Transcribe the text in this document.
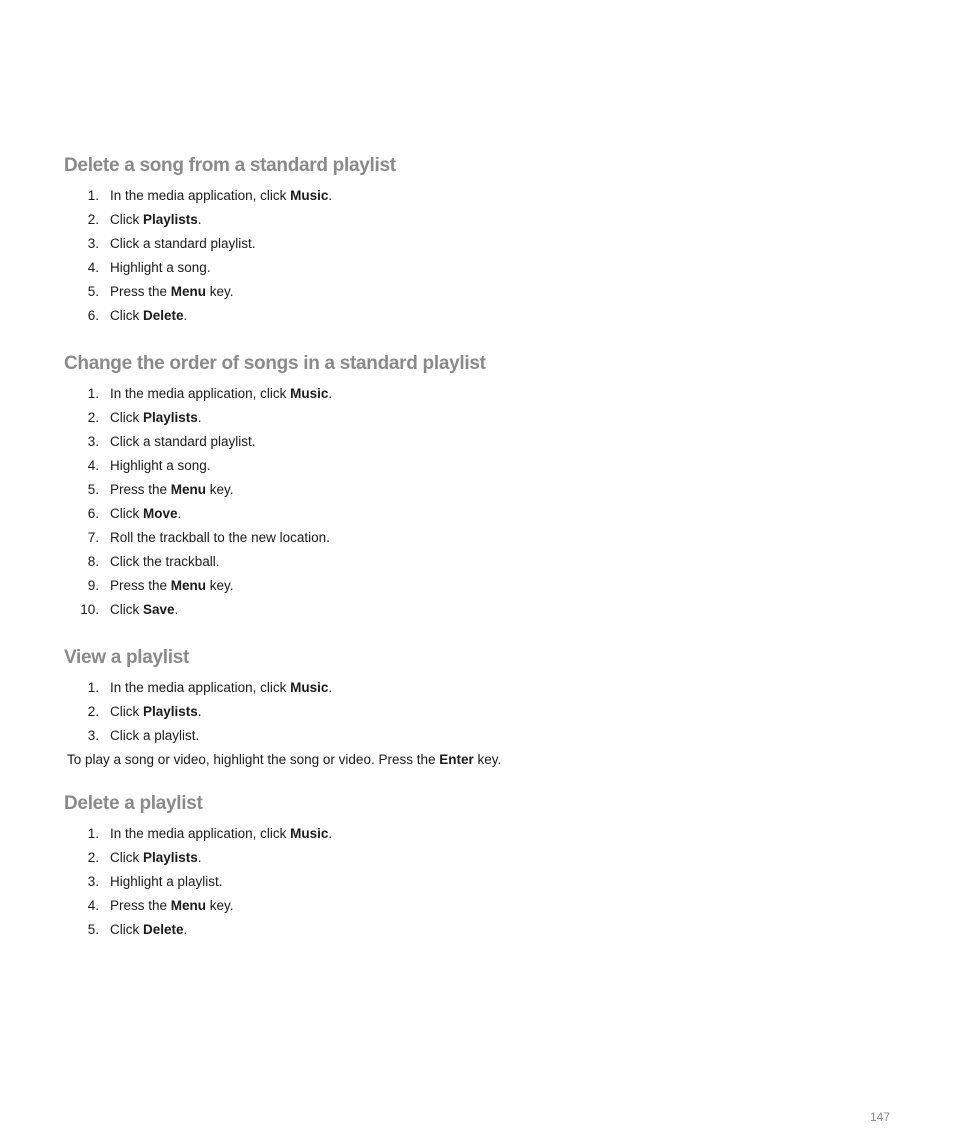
Delete a song from a standard playlist
1. In the media application, click Music.
2. Click Playlists.
3. Click a standard playlist.
4. Highlight a song.
5. Press the Menu key.
6. Click Delete.
Change the order of songs in a standard playlist
1. In the media application, click Music.
2. Click Playlists.
3. Click a standard playlist.
4. Highlight a song.
5. Press the Menu key.
6. Click Move.
7. Roll the trackball to the new location.
8. Click the trackball.
9. Press the Menu key.
10. Click Save.
View a playlist
1. In the media application, click Music.
2. Click Playlists.
3. Click a playlist.
To play a song or video, highlight the song or video. Press the Enter key.
Delete a playlist
1. In the media application, click Music.
2. Click Playlists.
3. Highlight a playlist.
4. Press the Menu key.
5. Click Delete.
147
